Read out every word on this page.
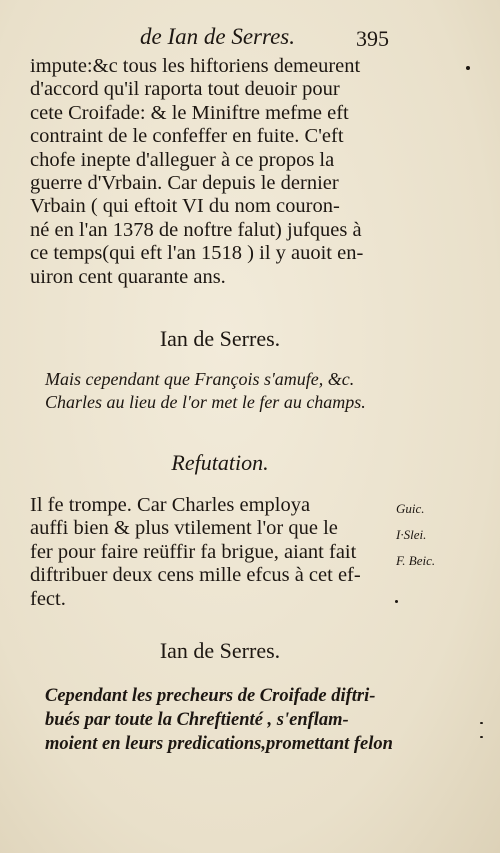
de Ian de Serres.	395
impute:&c tous les hiftoriens demeurent
d'accord qu'il raporta tout deuoir pour
cete Croifade: & le Miniftre mefme eft
contraint de le confeffer en fuite. C'eft
chofe inepte d'alleguer à ce propos la
guerre d'Vrbain. Car depuis le dernier
Vrbain ( qui eftoit VI du nom couron-
né en l'an 1378 de noftre falut) jufques à
ce temps(qui eft l'an 1518 ) il y auoit en-
uiron cent quarante ans.
Ian de Serres.
Mais cependant que François s'amufe, &c.
Charles au lieu de l'or met le fer au champs.
Refutation.
Il fe trompe. Car Charles employa
auffi bien & plus vtilement l'or que le
fer pour faire reüffir fa brigue, aiant fait
diftribuer deux cens mille efcus à cet ef-
fect.
Guic.
I·Slei.
F. Beic.
Ian de Serres.
Cependant les precheurs de Croifade diftri-
bués par toute la Chreftienté , s'enflam-
moient en leurs predications,promettant felon
